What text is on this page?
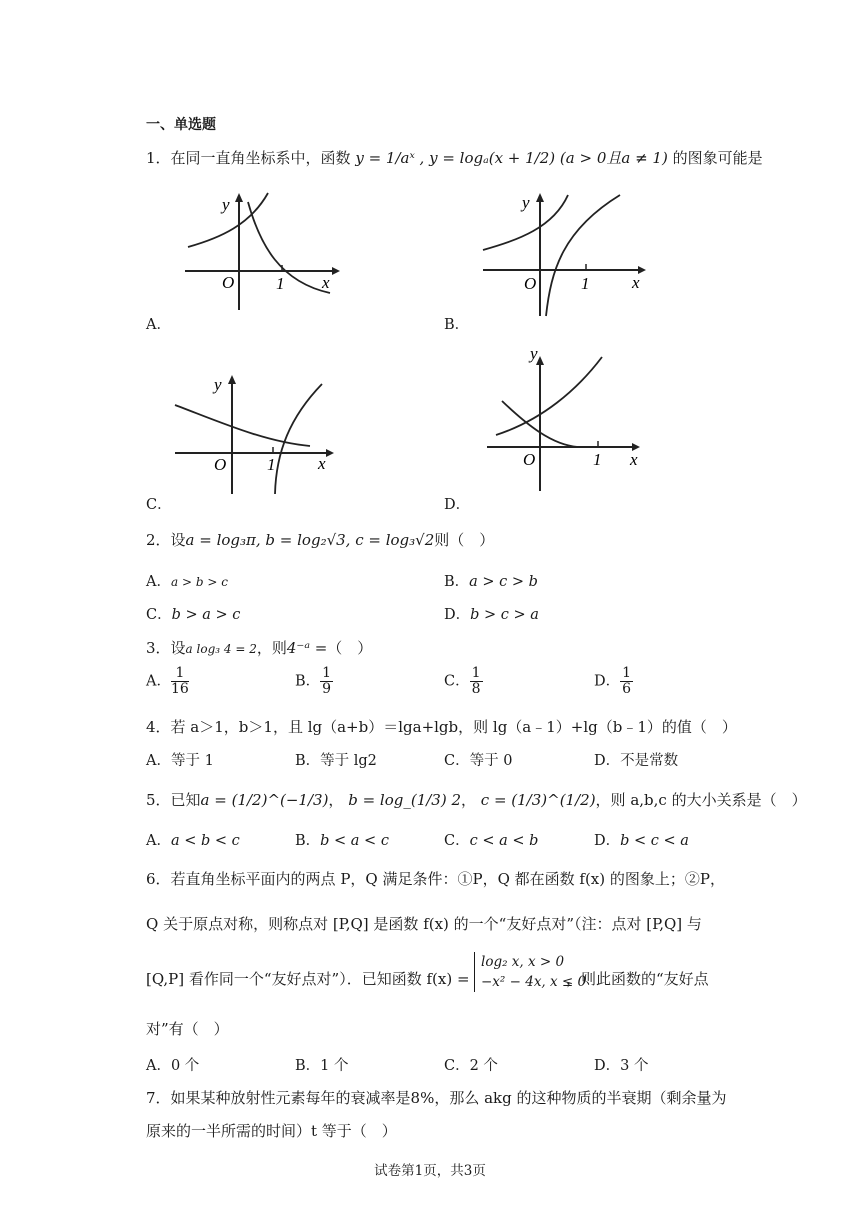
一、单选题
1．在同一直角坐标系中，函数 y = 1/aˣ , y = logₐ(x + 1/2) (a > 0且a ≠ 1) 的图象可能是
y
O 1 x
A．
y
O	1	x
B．
y
O 1	x
C．
y
O	1 x
D．
2．设a = log₃π, b = log₂√3, c = log₃√2则（　）
A．a > b > c	B．a > c > b
C．b > a > c	D．b > c > a
3．设a log₃ 4 = 2，则4⁻ᵃ =（　）
A． $\frac{1}{16}$	B． $\frac{1}{9}$	C． $\frac{1}{8}$	D． $\frac{1}{6}$
4．若 a＞1，b＞1，且 lg（a+b）＝lga+lgb，则 lg（a﹣1）+lg（b﹣1）的值（　）
A．等于 1	B．等于 lg2	C．等于 0	D．不是常数
5．已知a = (1/2)^(−1/3)， b = log_(1/3) 2， c = (1/3)^(1/2)，则 a,b,c 的大小关系是（　）
A．a < b < c	B．b < a < c	C．c < a < b	D．b < c < a
6．若直角坐标平面内的两点 P，Q 满足条件：①P，Q 都在函数 f(x) 的图象上；②P，
Q 关于原点对称，则称点对 [P,Q] 是函数 f(x) 的一个“友好点对”（注：点对 [P,Q] 与
[Q,P] 看作同一个“友好点对”）．已知函数 f(x) =
log₂ x, x > 0
−x² − 4x, x ≤ 0
，则此函数的“友好点
对”有（　）
A．0 个	B．1 个	C．2 个	D．3 个
7．如果某种放射性元素每年的衰减率是8%，那么 akg 的这种物质的半衰期（剩余量为
原来的一半所需的时间）t 等于（　）
试卷第1页，共3页
